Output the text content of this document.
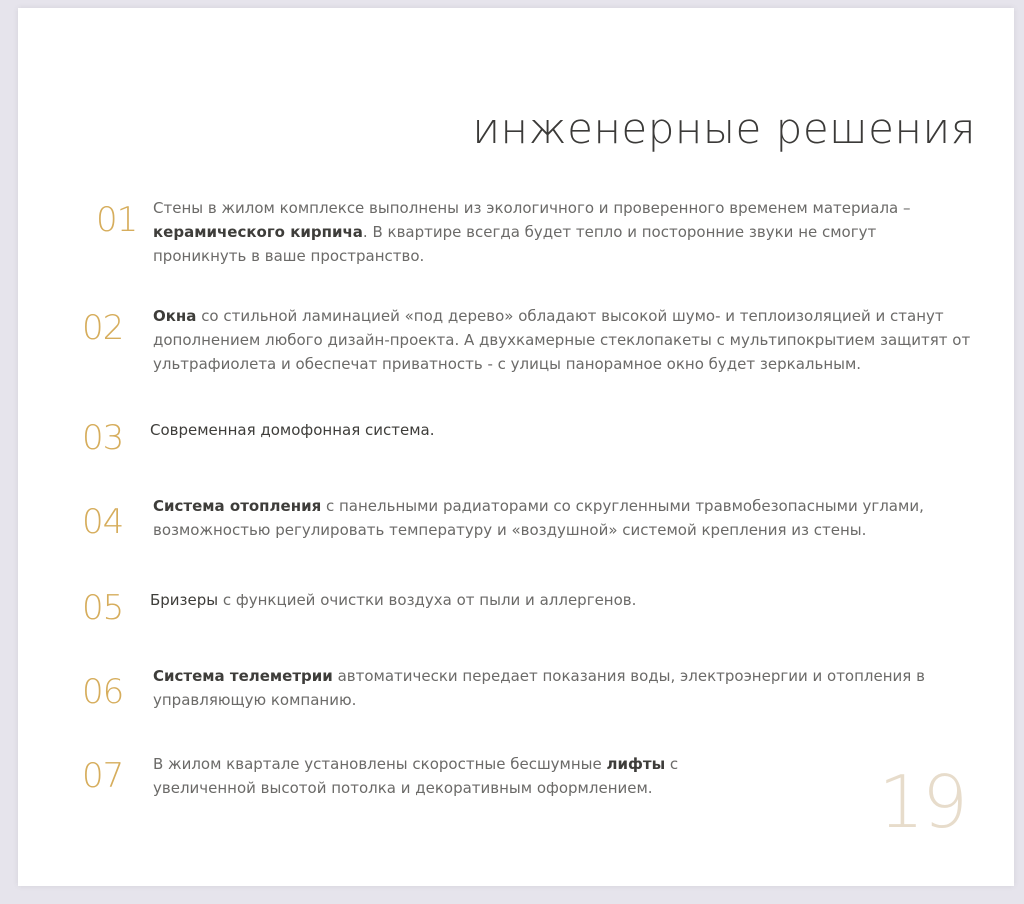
инженерные решения
01 Стены в жилом комплексе выполнены из экологичного и проверенного временем материала – керамического кирпича. В квартире всегда будет тепло и посторонние звуки не смогут проникнуть в ваше пространство.
02 Окна со стильной ламинацией «под дерево» обладают высокой шумо- и теплоизоляцией и станут дополнением любого дизайн-проекта. А двухкамерные стеклопакеты с мультипокрытием защитят от ультрафиолета и обеспечат приватность - с улицы панорамное окно будет зеркальным.
03 Современная домофонная система.
04 Система отопления с панельными радиаторами со скругленными травмобезопасными углами, возможностью регулировать температуру и «воздушной» системой крепления из стены.
05 Бризеры с функцией очистки воздуха от пыли и аллергенов.
06 Система телеметрии автоматически передает показания воды, электроэнергии и отопления в управляющую компанию.
07 В жилом квартале установлены скоростные бесшумные лифты с увеличенной высотой потолка и декоративным оформлением.	19
